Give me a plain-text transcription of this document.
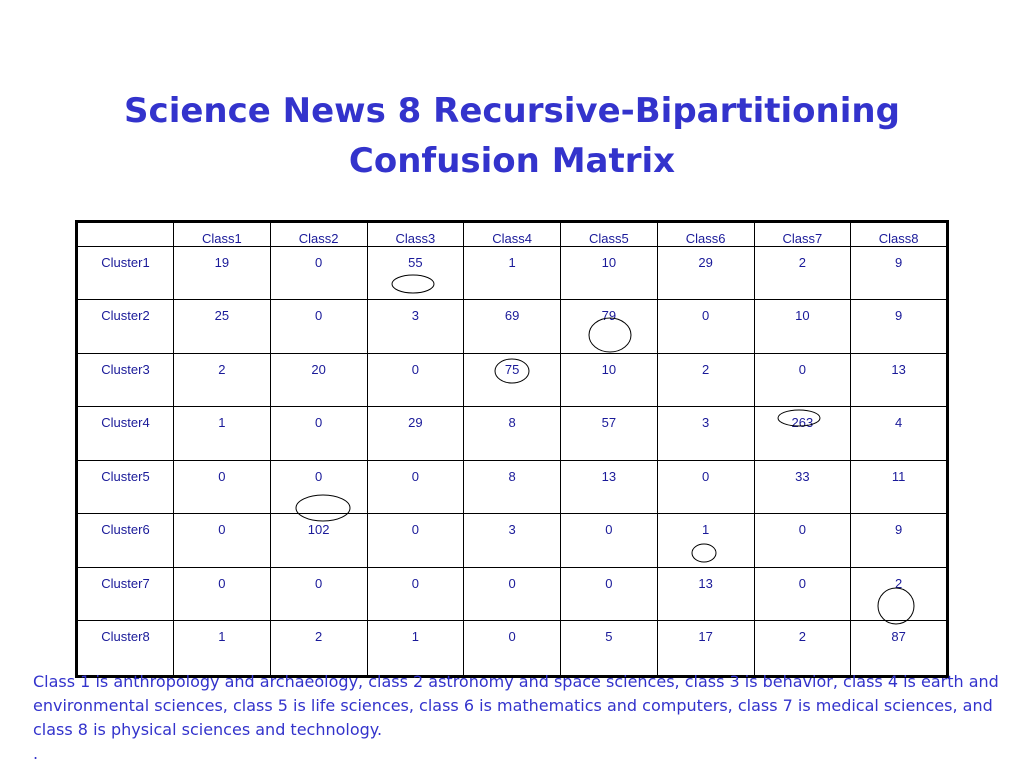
Science News 8 Recursive-Bipartitioning
Confusion Matrix
	Class1	Class2	Class3	Class4	Class5	Class6	Class7	Class8
Cluster1	19	0	55	1	10	29	2	9
Cluster2	25	0	3	69	79	0	10	9
Cluster3	2	20	0	75	10	2	0	13
Cluster4	1	0	29	8	57	3	263	4
Cluster5	0	0	0	8	13	0	33	11
Cluster6	0	102	0	3	0	1	0	9
Cluster7	0	0	0	0	0	13	0	2
Cluster8	1	2	1	0	5	17	2	87
Class 1 is anthropology and archaeology, class 2 astronomy and space sciences, class 3 is behavior, class 4 is earth and environmental sciences, class 5 is life sciences, class 6 is mathematics and computers, class 7 is medical sciences, and class 8 is physical sciences and technology.
.
